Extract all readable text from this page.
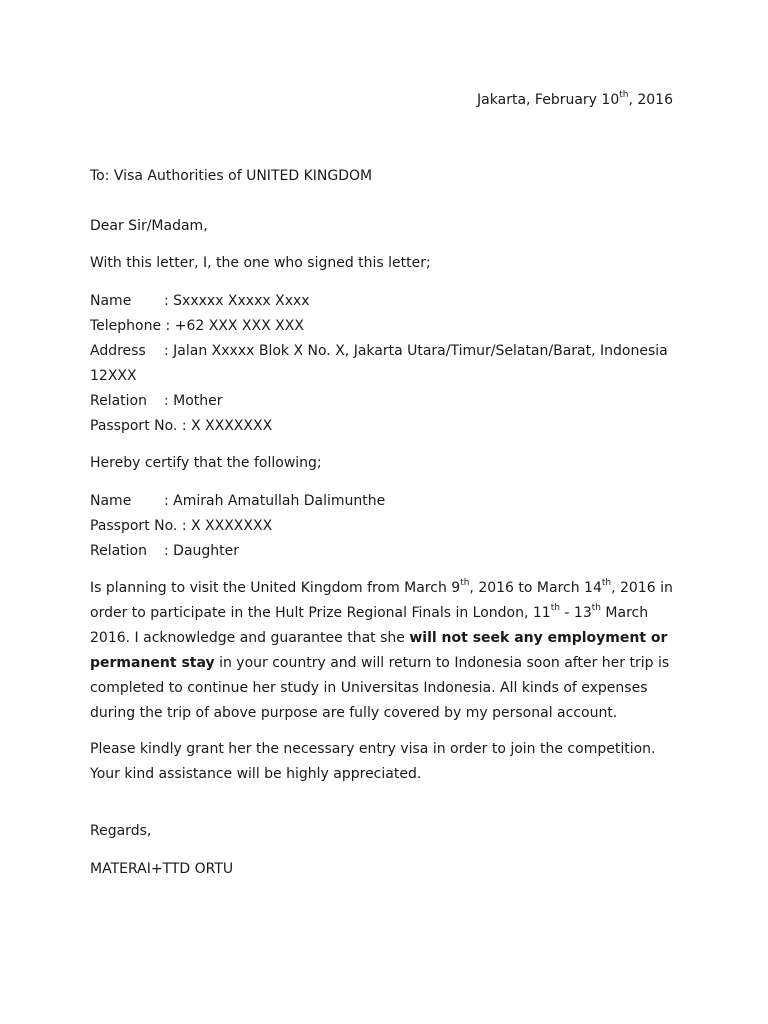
Jakarta, February 10th, 2016
To: Visa Authorities of UNITED KINGDOM
Dear Sir/Madam,
With this letter, I, the one who signed this letter;
Name : Sxxxxx Xxxxx Xxxx
Telephone : +62 XXX XXX XXX
Address : Jalan Xxxxx Blok X No. X, Jakarta Utara/Timur/Selatan/Barat, Indonesia
12XXX
Relation : Mother
Passport No. : X XXXXXXX
Hereby certify that the following;
Name : Amirah Amatullah Dalimunthe
Passport No. : X XXXXXXX
Relation : Daughter
Is planning to visit the United Kingdom from March 9th, 2016 to March 14th, 2016 in
order to participate in the Hult Prize Regional Finals in London, 11th - 13th March
2016. I acknowledge and guarantee that she will not seek any employment or
permanent stay in your country and will return to Indonesia soon after her trip is
completed to continue her study in Universitas Indonesia. All kinds of expenses
during the trip of above purpose are fully covered by my personal account.
Please kindly grant her the necessary entry visa in order to join the competition.
Your kind assistance will be highly appreciated.
Regards,
MATERAI+TTD ORTU
